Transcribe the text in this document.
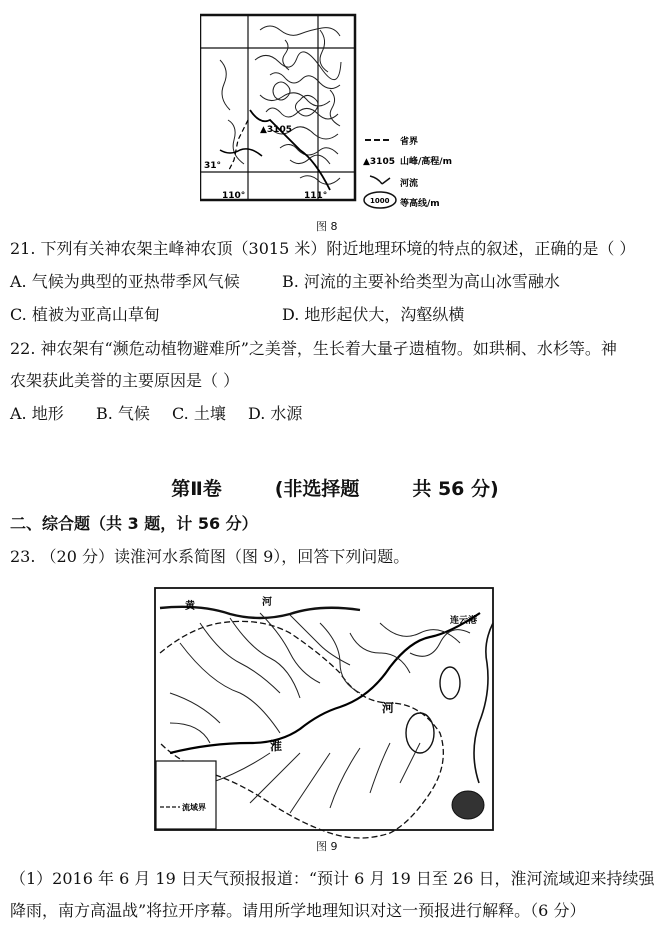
▲3105
31°
110°	111°
省界
▲3105 山峰/高程/m
河流
1000 等高线/m
图 8
21. 下列有关神农架主峰神农顶（3015 米）附近地理环境的特点的叙述，正确的是（ ）
A. 气候为典型的亚热带季风气候	B. 河流的主要补给类型为高山冰雪融水
C. 植被为亚高山草甸	D. 地形起伏大，沟壑纵横
22. 神农架有“濒危动植物避难所”之美誉，生长着大量孑遗植物。如珙桐、水杉等。神
农架获此美誉的主要原因是（ ）
A. 地形 B. 气候 C. 土壤 D. 水源
第Ⅱ卷        (非选择题        共 56 分)
二、综合题（共 3 题，计 56 分）
23. （20 分）读淮河水系简图（图 9），回答下列问题。
黄	河
连云港
淮
河
流域界
图 9
（1）2016 年 6 月 19 日天气预报报道：“预计 6 月 19 日至 26 日，淮河流域迎来持续强
降雨，南方高温战”将拉开序幕。请用所学地理知识对这一预报进行解释。（6 分）
